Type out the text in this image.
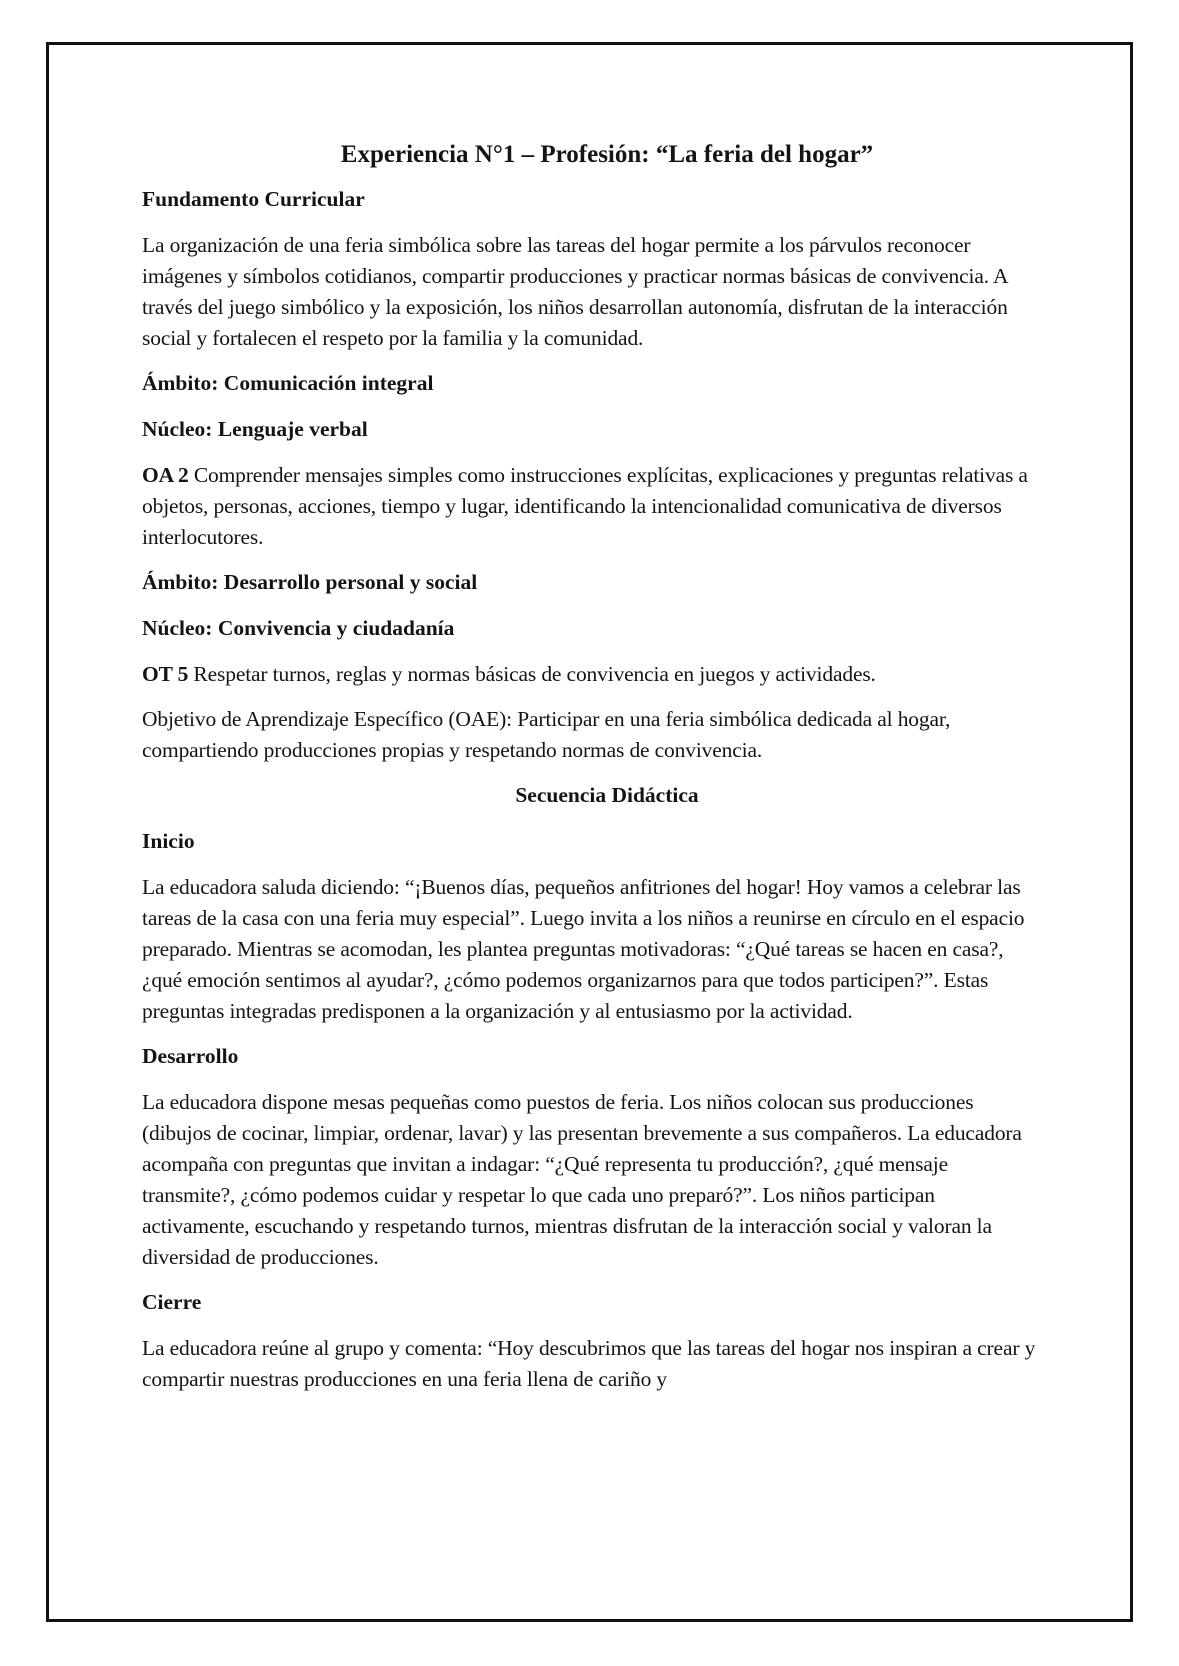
Experiencia N°1 – Profesión: “La feria del hogar”
Fundamento Curricular
La organización de una feria simbólica sobre las tareas del hogar permite a los párvulos reconocer imágenes y símbolos cotidianos, compartir producciones y practicar normas básicas de convivencia. A través del juego simbólico y la exposición, los niños desarrollan autonomía, disfrutan de la interacción social y fortalecen el respeto por la familia y la comunidad.
Ámbito: Comunicación integral
Núcleo: Lenguaje verbal
OA 2 Comprender mensajes simples como instrucciones explícitas, explicaciones y preguntas relativas a objetos, personas, acciones, tiempo y lugar, identificando la intencionalidad comunicativa de diversos interlocutores.
Ámbito: Desarrollo personal y social
Núcleo: Convivencia y ciudadanía
OT 5 Respetar turnos, reglas y normas básicas de convivencia en juegos y actividades.
Objetivo de Aprendizaje Específico (OAE): Participar en una feria simbólica dedicada al hogar, compartiendo producciones propias y respetando normas de convivencia.
Secuencia Didáctica
Inicio
La educadora saluda diciendo: “¡Buenos días, pequeños anfitriones del hogar! Hoy vamos a celebrar las tareas de la casa con una feria muy especial”. Luego invita a los niños a reunirse en círculo en el espacio preparado. Mientras se acomodan, les plantea preguntas motivadoras: “¿Qué tareas se hacen en casa?, ¿qué emoción sentimos al ayudar?, ¿cómo podemos organizarnos para que todos participen?”. Estas preguntas integradas predisponen a la organización y al entusiasmo por la actividad.
Desarrollo
La educadora dispone mesas pequeñas como puestos de feria. Los niños colocan sus producciones (dibujos de cocinar, limpiar, ordenar, lavar) y las presentan brevemente a sus compañeros. La educadora acompaña con preguntas que invitan a indagar: “¿Qué representa tu producción?, ¿qué mensaje transmite?, ¿cómo podemos cuidar y respetar lo que cada uno preparó?”. Los niños participan activamente, escuchando y respetando turnos, mientras disfrutan de la interacción social y valoran la diversidad de producciones.
Cierre
La educadora reúne al grupo y comenta: “Hoy descubrimos que las tareas del hogar nos inspiran a crear y compartir nuestras producciones en una feria llena de cariño y
